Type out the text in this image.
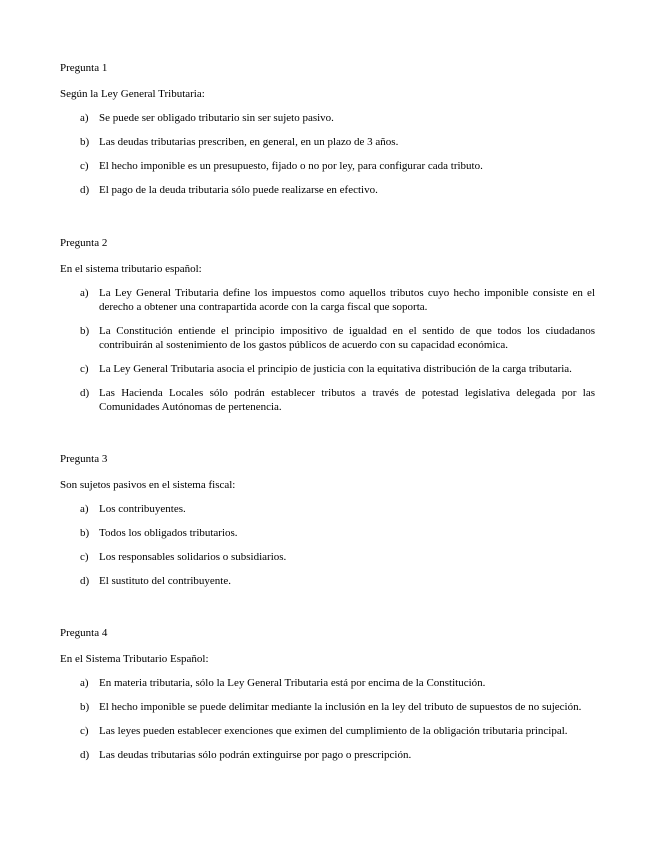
Pregunta 1

Según la Ley General Tributaria:

a) Se puede ser obligado tributario sin ser sujeto pasivo.
b) Las deudas tributarias prescriben, en general, en un plazo de 3 años.
c) El hecho imponible es un presupuesto, fijado o no por ley, para configurar cada tributo.
d) El pago de la deuda tributaria sólo puede realizarse en efectivo.

Pregunta 2

En el sistema tributario español:

a) La Ley General Tributaria define los impuestos como aquellos tributos cuyo hecho imponible consiste en el derecho a obtener una contrapartida acorde con la carga fiscal que soporta.
b) La Constitución entiende el principio impositivo de igualdad en el sentido de que todos los ciudadanos contribuirán al sostenimiento de los gastos públicos de acuerdo con su capacidad económica.
c) La Ley General Tributaria asocia el principio de justicia con la equitativa distribución de la carga tributaria.
d) Las Hacienda Locales sólo podrán establecer tributos a través de potestad legislativa delegada por las Comunidades Autónomas de pertenencia.

Pregunta 3

Son sujetos pasivos en el sistema fiscal:

a) Los contribuyentes.
b) Todos los obligados tributarios.
c) Los responsables solidarios o subsidiarios.
d) El sustituto del contribuyente.

Pregunta 4

En el Sistema Tributario Español:

a) En materia tributaria, sólo la Ley General Tributaria está por encima de la Constitución.
b) El hecho imponible se puede delimitar mediante la inclusión en la ley del tributo de supuestos de no sujeción.
c) Las leyes pueden establecer exenciones que eximen del cumplimiento de la obligación tributaria principal.
d) Las deudas tributarias sólo podrán extinguirse por pago o prescripción.
